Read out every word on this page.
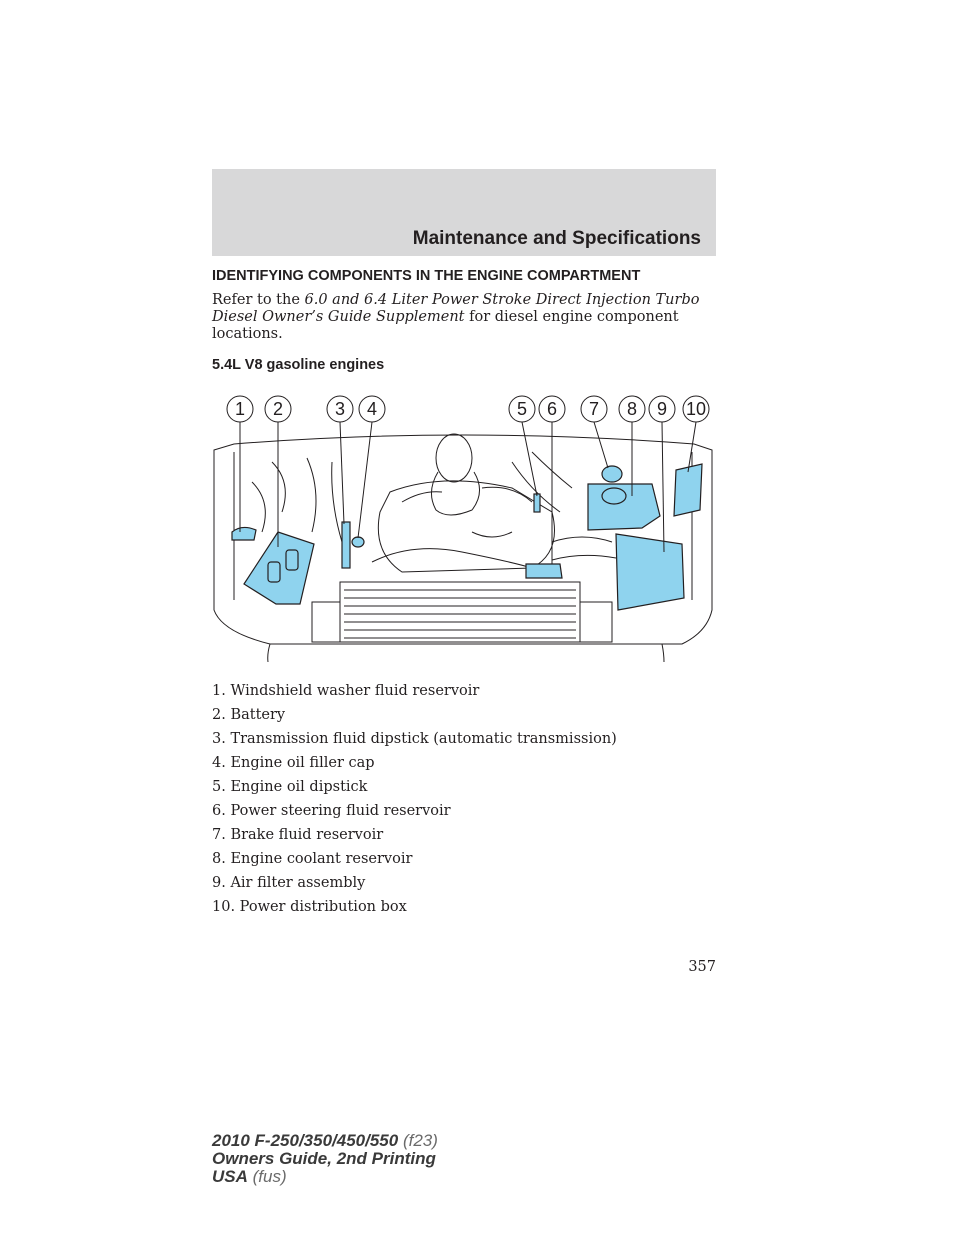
Maintenance and Specifications
IDENTIFYING COMPONENTS IN THE ENGINE COMPARTMENT
Refer to the 6.0 and 6.4 Liter Power Stroke Direct Injection Turbo Diesel Owner’s Guide Supplement for diesel engine component locations.
5.4L V8 gasoline engines
1 2	3 4	5 6 7 8 9 10
1. Windshield washer fluid reservoir
2. Battery
3. Transmission fluid dipstick (automatic transmission)
4. Engine oil filler cap
5. Engine oil dipstick
6. Power steering fluid reservoir
7. Brake fluid reservoir
8. Engine coolant reservoir
9. Air filter assembly
10. Power distribution box
357
2010 F-250/350/450/550 (f23)
Owners Guide, 2nd Printing
USA (fus)
